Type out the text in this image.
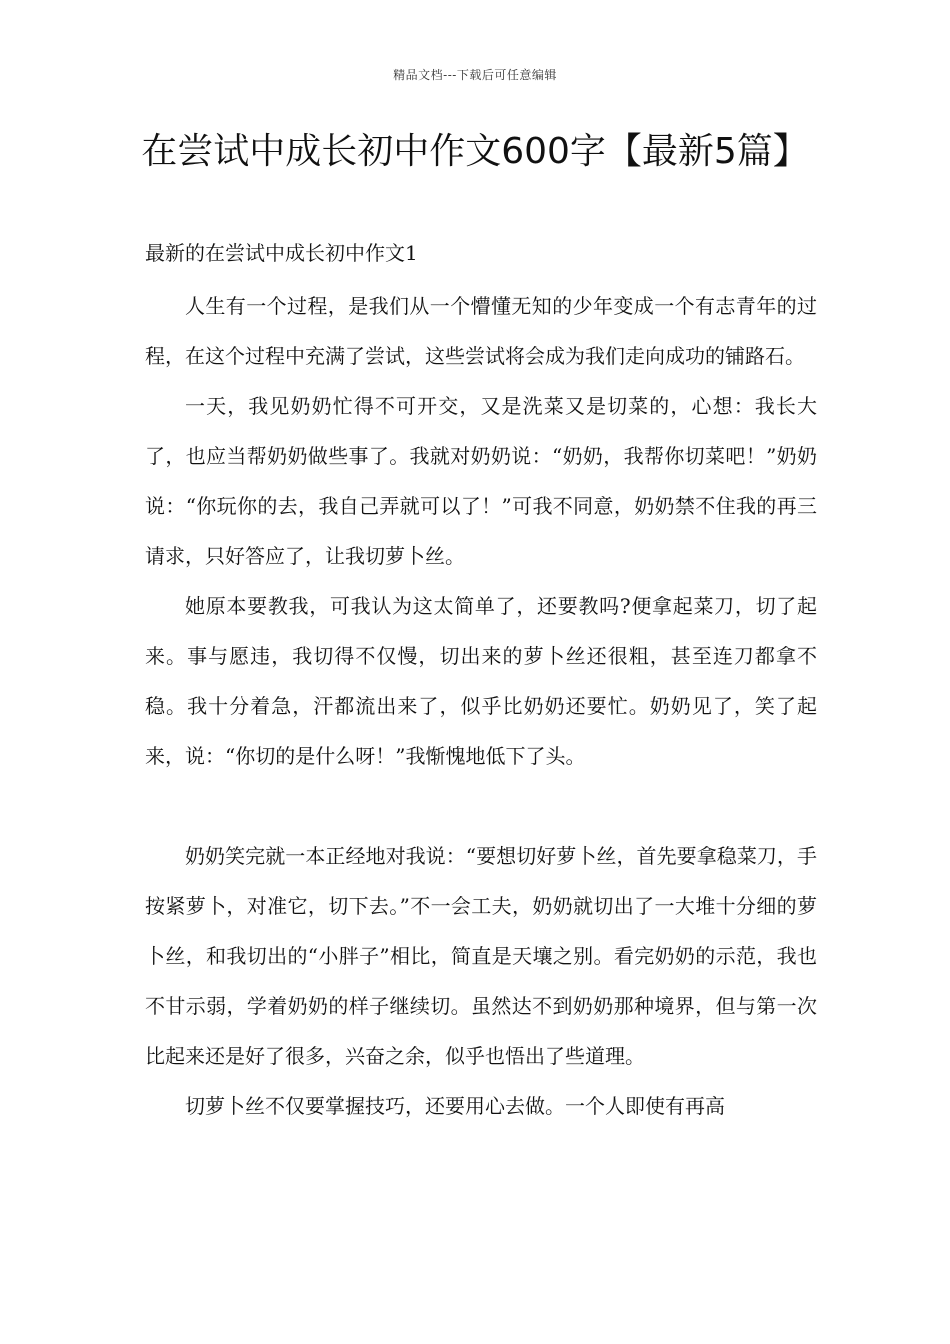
精品文档---下载后可任意编辑
在尝试中成长初中作文600字【最新5篇】

最新的在尝试中成长初中作文1

人生有一个过程，是我们从一个懵懂无知的少年变成一个有志青年的过程，在这个过程中充满了尝试，这些尝试将会成为我们走向成功的铺路石。

一天，我见奶奶忙得不可开交，又是洗菜又是切菜的，心想：我长大了，也应当帮奶奶做些事了。我就对奶奶说：“奶奶，我帮你切菜吧！”奶奶说：“你玩你的去，我自己弄就可以了！”可我不同意，奶奶禁不住我的再三请求，只好答应了，让我切萝卜丝。

她原本要教我，可我认为这太简单了，还要教吗?便拿起菜刀，切了起来。事与愿违，我切得不仅慢，切出来的萝卜丝还很粗，甚至连刀都拿不稳。我十分着急，汗都流出来了，似乎比奶奶还要忙。奶奶见了，笑了起来，说：“你切的是什么呀！”我惭愧地低下了头。

奶奶笑完就一本正经地对我说：“要想切好萝卜丝，首先要拿稳菜刀，手按紧萝卜，对准它，切下去。”不一会工夫，奶奶就切出了一大堆十分细的萝卜丝，和我切出的“小胖子”相比，简直是天壤之别。看完奶奶的示范，我也不甘示弱，学着奶奶的样子继续切。虽然达不到奶奶那种境界，但与第一次比起来还是好了很多，兴奋之余，似乎也悟出了些道理。

切萝卜丝不仅要掌握技巧，还要用心去做。一个人即使有再高
